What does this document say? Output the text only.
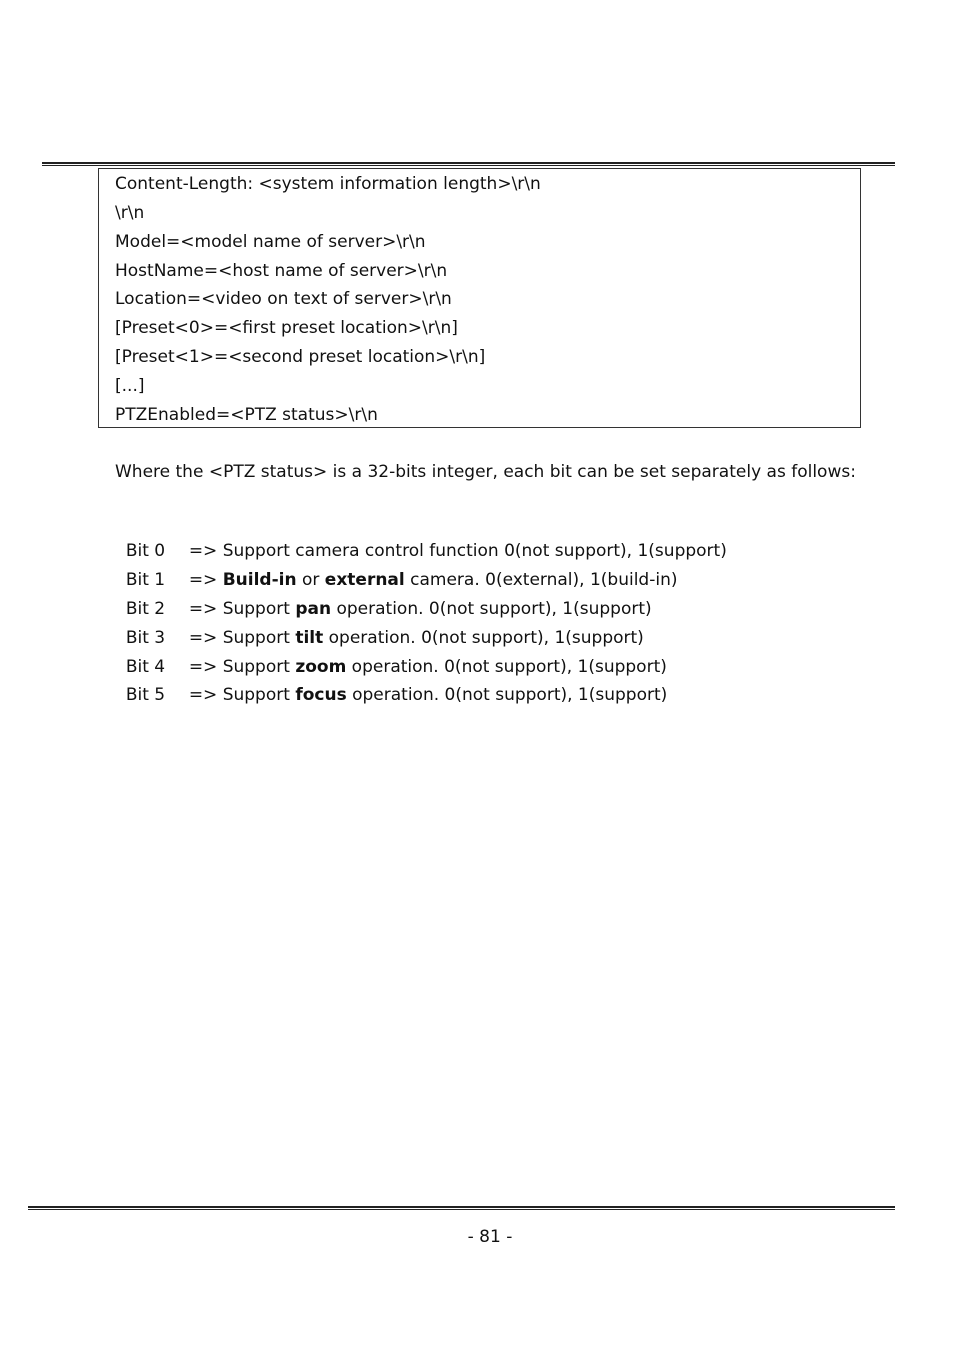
Content-Length: <system information length>\r\n
\r\n
Model=<model name of server>\r\n
HostName=<host name of server>\r\n
Location=<video on text of server>\r\n
[Preset<0>=<first preset location>\r\n]
[Preset<1>=<second preset location>\r\n]
[...]
PTZEnabled=<PTZ status>\r\n
Where the <PTZ status> is a 32-bits integer, each bit can be set separately as follows:

Bit 0 => Support camera control function 0(not support), 1(support)

Bit 1 => Build-in or external camera. 0(external), 1(build-in)

Bit 2 => Support pan operation. 0(not support), 1(support)

Bit 3 => Support tilt operation. 0(not support), 1(support)

Bit 4 => Support zoom operation. 0(not support), 1(support)

Bit 5 => Support focus operation. 0(not support), 1(support)

- 81 -
